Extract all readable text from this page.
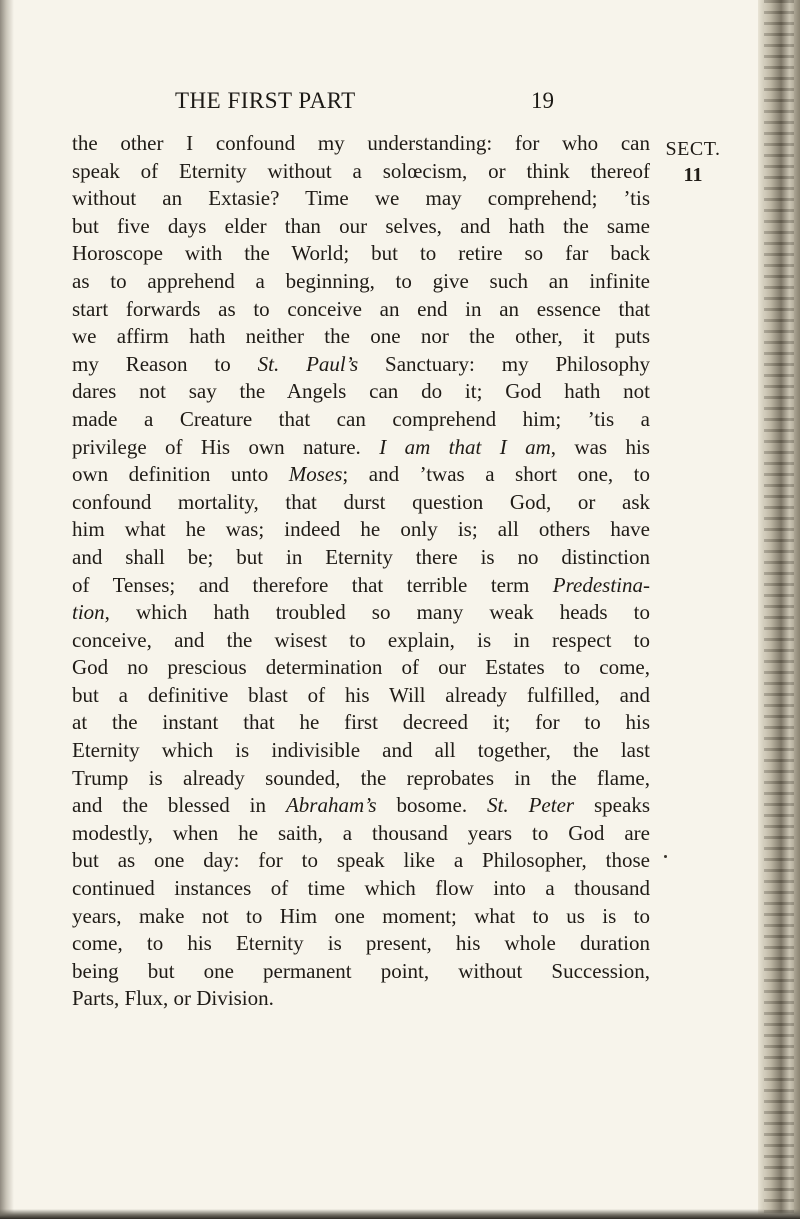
THE FIRST PART	19
SECT.
11
the other I confound my understanding: for who can
speak of Eternity without a solœcism, or think thereof
without an Extasie? Time we may comprehend; ’tis
but five days elder than our selves, and hath the same
Horoscope with the World; but to retire so far back
as to apprehend a beginning, to give such an infinite
start forwards as to conceive an end in an essence that
we affirm hath neither the one nor the other, it puts
my Reason to St. Paul’s Sanctuary: my Philosophy
dares not say the Angels can do it; God hath not
made a Creature that can comprehend him; ’tis a
privilege of His own nature. I am that I am, was his
own definition unto Moses; and ’twas a short one, to
confound mortality, that durst question God, or ask
him what he was; indeed he only is; all others have
and shall be; but in Eternity there is no distinction
of Tenses; and therefore that terrible term Predestina-
tion, which hath troubled so many weak heads to
conceive, and the wisest to explain, is in respect to
God no prescious determination of our Estates to come,
but a definitive blast of his Will already fulfilled, and
at the instant that he first decreed it; for to his
Eternity which is indivisible and all together, the last
Trump is already sounded, the reprobates in the flame,
and the blessed in Abraham’s bosome. St. Peter speaks
modestly, when he saith, a thousand years to God are
but as one day: for to speak like a Philosopher, those
continued instances of time which flow into a thousand
years, make not to Him one moment; what to us is to
come, to his Eternity is present, his whole duration
being but one permanent point, without Succession,
Parts, Flux, or Division.
